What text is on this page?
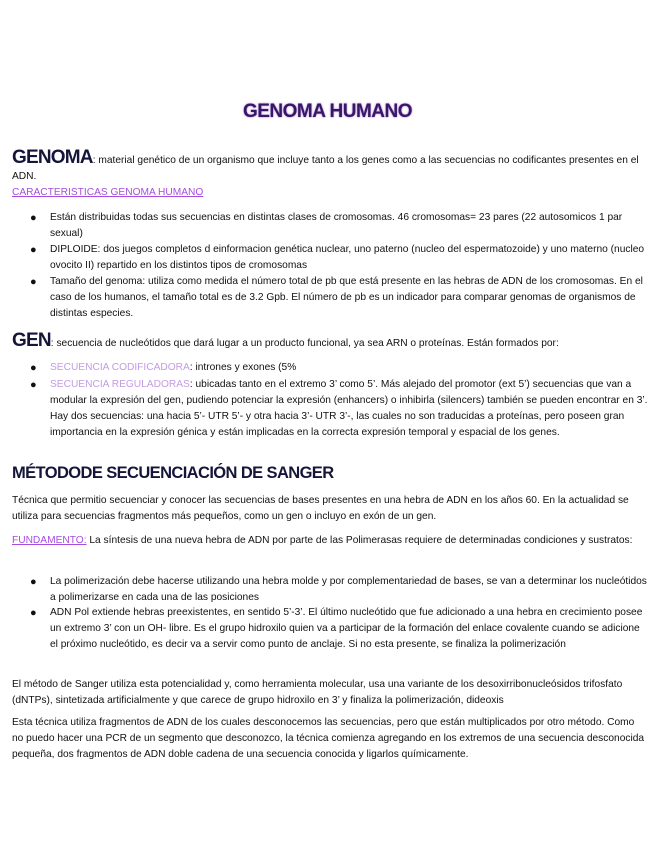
GENOMA HUMANO
GENOMA: material genético de un organismo que incluye tanto a los genes como a las secuencias no codificantes presentes en el ADN.
CARACTERISTICAS GENOMA HUMANO
● Están distribuidas todas sus secuencias en distintas clases de cromosomas. 46 cromosomas= 23 pares (22 autosomicos 1 par sexual)
● DIPLOIDE: dos juegos completos d einformacion genética nuclear, uno paterno (nucleo del espermatozoide) y uno materno (nucleo ovocito II) repartido en los distintos tipos de cromosomas
● Tamaño del genoma: utiliza como medida el número total de pb que está presente en las hebras de ADN de los cromosomas. En el caso de los humanos, el tamaño total es de 3.2 Gpb. El número de pb es un indicador para comparar genomas de organismos de distintas especies.
GEN: secuencia de nucleótidos que dará lugar a un producto funcional, ya sea ARN o proteínas. Están formados por:
● SECUENCIA CODIFICADORA: intrones y exones (5%
● SECUENCIA REGULADORAS: ubicadas tanto en el extremo 3’ como 5’. Más alejado del promotor (ext 5’) secuencias que van a modular la expresión del gen, pudiendo potenciar la expresión (enhancers) o inhibirla (silencers) también se pueden encontrar en 3’. Hay dos secuencias: una hacia 5’- UTR 5’- y otra hacia 3’- UTR 3’-, las cuales no son traducidas a proteínas, pero poseen gran importancia en la expresión génica y están implicadas en la correcta expresión temporal y espacial de los genes.
MÉTODODE SECUENCIACIÓN DE SANGER
Técnica que permitio secuenciar y conocer las secuencias de bases presentes en una hebra de ADN en los años 60. En la actualidad se utiliza para secuencias fragmentos más pequeños, como un gen o incluyo en exón de un gen.
FUNDAMENTO: La síntesis de una nueva hebra de ADN por parte de las Polimerasas requiere de determinadas condiciones y sustratos:
● La polimerización debe hacerse utilizando una hebra molde y por complementariedad de bases, se van a determinar los nucleótidos a polimerizarse en cada una de las posiciones
● ADN Pol extiende hebras preexistentes, en sentido 5’-3’. El último nucleótido que fue adicionado a una hebra en crecimiento posee un extremo 3’ con un OH- libre. Es el grupo hidroxilo quien va a participar de la formación del enlace covalente cuando se adicione el próximo nucleótido, es decir va a servir como punto de anclaje. Si no esta presente, se finaliza la polimerización
El método de Sanger utiliza esta potencialidad y, como herramienta molecular, usa una variante de los desoxirribonucleósidos trifosfato (dNTPs), sintetizada artificialmente y que carece de grupo hidroxilo en 3’ y finaliza la polimerización, dideoxis
Esta técnica utiliza fragmentos de ADN de los cuales desconocemos las secuencias, pero que están multiplicados por otro método. Como no puedo hacer una PCR de un segmento que desconozco, la técnica comienza agregando en los extremos de una secuencia desconocida pequeña, dos fragmentos de ADN doble cadena de una secuencia conocida y ligarlos químicamente.
